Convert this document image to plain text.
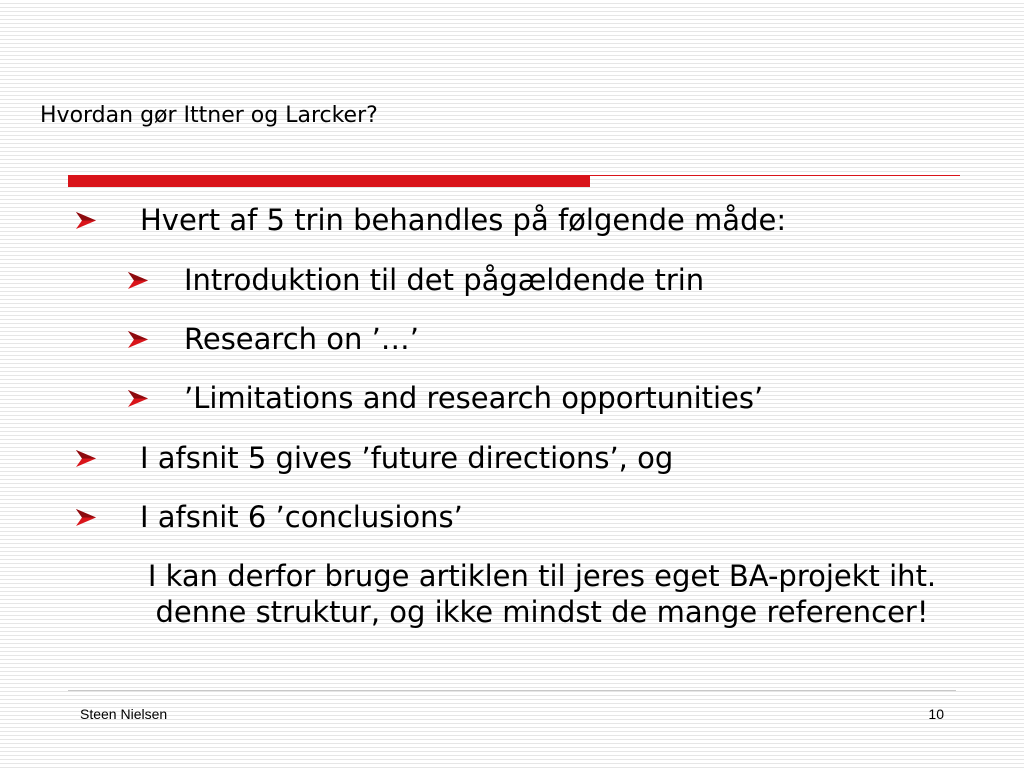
Hvordan gør Ittner og Larcker?
Hvert af 5 trin behandles på følgende måde:
Introduktion til det pågældende trin
Research on ’…’
’Limitations and research opportunities’
I afsnit 5 gives ’future directions’, og
I afsnit 6 ’conclusions’
I kan derfor bruge artiklen til jeres eget BA-projekt iht. denne struktur, og ikke mindst de mange referencer!
Steen Nielsen	10
